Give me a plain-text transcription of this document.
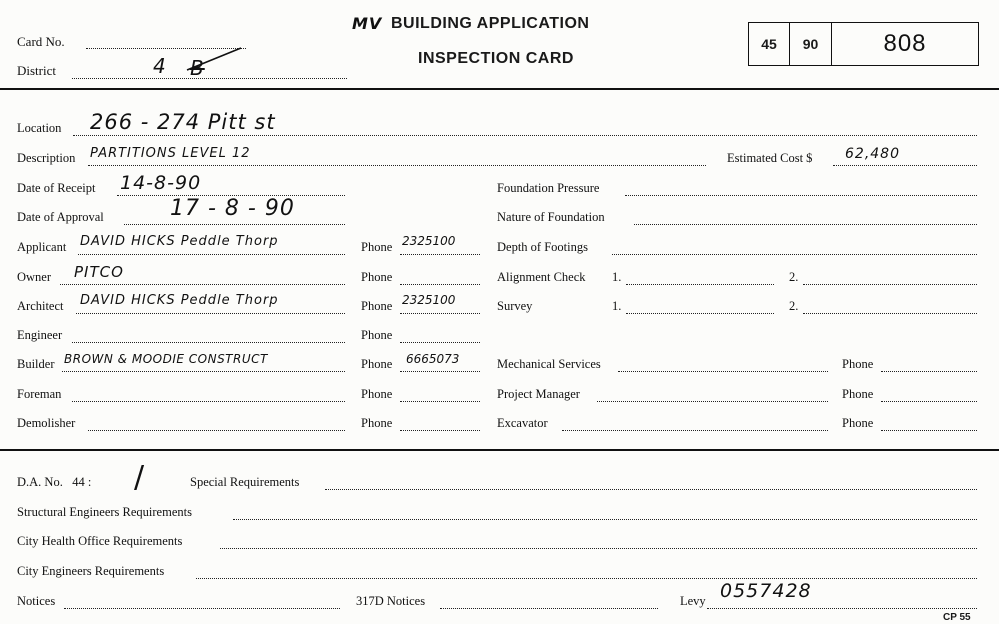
Card No.
District	4 B
MV BUILDING APPLICATION
INSPECTION CARD
45	90	808
Location 266 - 274 Pitt st
Description PARTITIONS LEVEL 12	Estimated Cost $ 62,480
Date of Receipt 14-8-90	Foundation Pressure
Date of Approval	17 - 8 - 90	Nature of Foundation
Applicant DAVID HICKS Peddle Thorp	Phone 2325100	Depth of Footings
Owner PITCO	Phone	Alignment Check 1.	2.
Architect DAVID HICKS Peddle Thorp	Phone 2325100	Survey	1.	2.
Engineer	Phone
Builder BROWN & MOODIE CONSTRUCT	Phone 6665073	Mechanical Services	Phone
Foreman	Phone	Project Manager	Phone
Demolisher	Phone	Excavator	Phone
D.A. No.   44 : /	Special Requirements
Structural Engineers Requirements
City Health Office Requirements
City Engineers Requirements
Notices	317D Notices	Levy 0557428
CP 55
